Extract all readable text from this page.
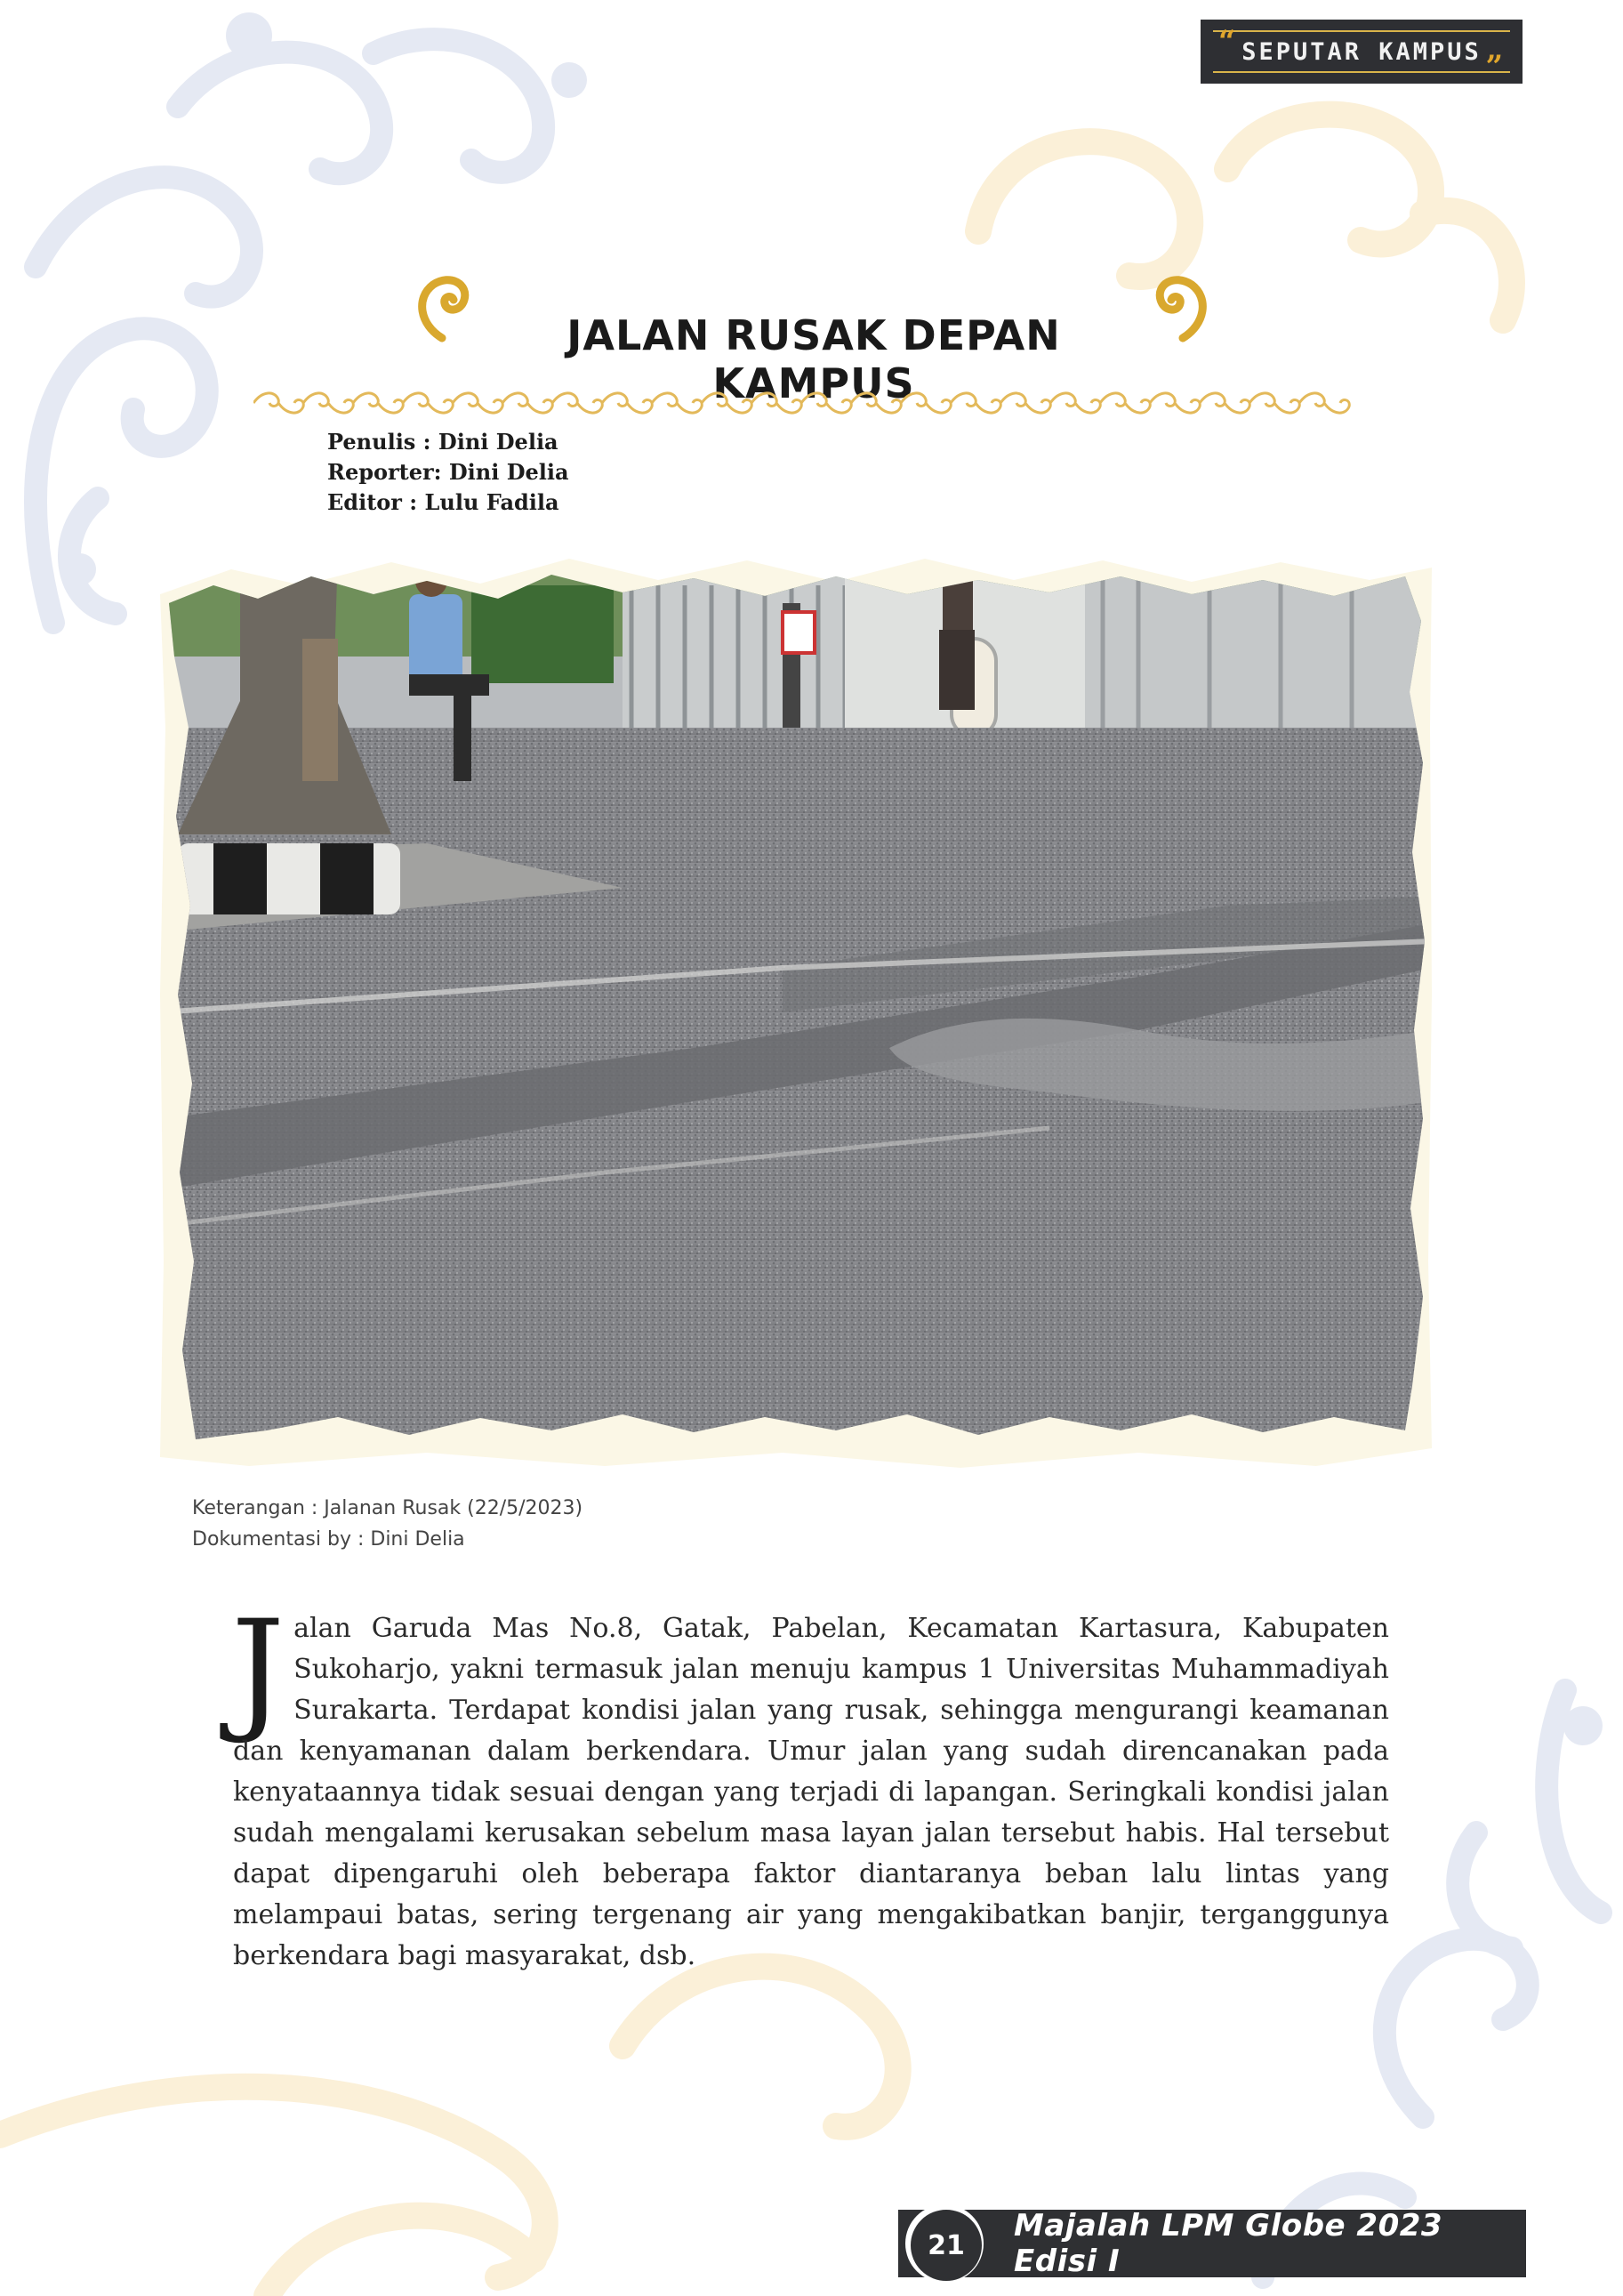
“
”
SEPUTAR KAMPUS
JALAN RUSAK DEPAN KAMPUS
Penulis : Dini Delia
Reporter: Dini Delia
Editor : Lulu Fadila
Keterangan : Jalanan Rusak (22/5/2023)
Dokumentasi by : Dini Delia
Jalan Garuda Mas No.8, Gatak, Pabelan, Kecamatan Kartasura, Kabupaten Sukoharjo, yakni termasuk jalan menuju kampus 1 Universitas Muhammadiyah Surakarta. Terdapat kondisi jalan yang rusak, sehingga mengurangi keamanan dan kenyamanan dalam berkendara. Umur jalan yang sudah direncanakan pada kenyataannya tidak sesuai dengan yang terjadi di lapangan. Seringkali kondisi jalan sudah mengalami kerusakan sebelum masa layan jalan tersebut habis. Hal tersebut dapat dipengaruhi oleh beberapa faktor diantaranya beban lalu lintas yang melampaui batas, sering tergenang air yang mengakibatkan banjir, terganggunya berkendara bagi masyarakat, dsb.
21
Majalah LPM Globe 2023 Edisi I
